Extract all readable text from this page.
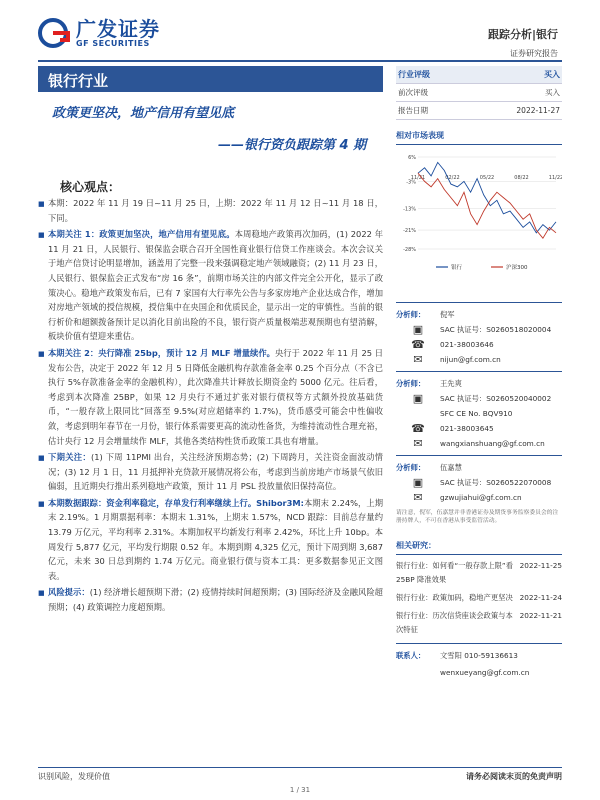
广发证券
GF SECURITIES
跟踪分析|银行
证券研究报告
银行行业
政策更坚决，地产信用有望见底
——银行资负跟踪第 4 期
核心观点：
■ 本期：2022 年 11 月 19 日~11 月 25 日，上期：2022 年 11 月 12 日~11 月 18 日，下同。
■ 本期关注 1：政策更加坚决，地产信用有望见底。本周稳地产政策再次加码，(1) 2022 年 11 月 21 日，人民银行、银保监会联合召开全国性商业银行信贷工作座谈会。本次会议关于地产信贷讨论明显增加，涵盖用了完整一段来强调稳定地产领域融资；(2) 11 月 23 日，人民银行、银保监会正式发布“房 16 条”，前期市场关注的内部文件完全公开化，显示了政策决心。稳地产政策发布后，已有 7 家国有大行率先公告与多家房地产企业达成合作，增加对房地产领域的授信规模，授信集中在央国企和优质民企，显示出一定的审慎性。当前的银行析价和超额拨备预计足以消化目前出险的不良，银行资产质量极端悲观预期也有望消解，板块价值有望迎来重估。
■ 本期关注 2：央行降准 25bp，预计 12 月 MLF 增量续作。央行于 2022 年 11 月 25 日发布公告，决定于 2022 年 12 月 5 日降低金融机构存款准备金率 0.25 个百分点（不含已执行 5%存款准备金率的金融机构），此次降准共计释放长期资金约 5000 亿元。往后看，考虑到本次降准 25BP，如果 12 月央行不通过扩张对银行债权等方式额外投放基础货币，“一般存款上限同比”回落至 9.5%(对应超储率约 1.7%)，货币感受可能会中性偏收敛，考虑到明年春节在一月份，银行体系需要更高的流动性备货，为维持流动性合理充裕，估计央行 12 月会增量续作 MLF，其他各类结构性货币政策工具也有增量。
■ 下期关注：(1) 下周 11PMI 出台，关注经济预期态势；(2) 下周跨月，关注资金面波动情况；(3) 12 月 1 日，11 月抵押补充贷款开展情况将公布，考虑到当前房地产市场景气依旧偏弱，且近期央行推出系列稳地产政策，预计 11 月 PSL 投放量依旧保持高位。
■ 本期数据跟踪：资金利率稳定，存单发行利率继续上行。Shibor3M:本期末 2.24%，上期末 2.19%。1 月期票据利率：本期末 1.31%，上期末 1.57%，NCD 跟踪：目前总存量约 13.79 万亿元，平均利率 2.31%。本期加权平均新发行利率 2.42%，环比上升 10bp。本周发行 5,877 亿元，平均发行期限 0.52 年。本期到期 4,325 亿元，预计下周到期 3,687 亿元，未来 30 日总到期约 1.74 万亿元。商业银行债与资本工具：更多数据参见正文图表。
■ 风险提示：(1) 经济增长超预期下滑；(2) 疫情持续时间超预期；(3) 国际经济及金融风险超预期；(4) 政策调控力度超预期。
行业评级	买入
前次评级	买入
报告日期	2022-11-27
相对市场表现
6%
-3%
-13%
-21%
-28%
11/21	02/22	05/22	08/22	11/22
银行	沪深300
分析师：	倪军
▣	SAC 执证号：S0260518020004
☎	021-38003646
✉	nijun@gf.com.cn
分析师：	王先爽
▣	SAC 执证号：S0260520040002
SFC CE No. BQV910
☎	021-38003645
✉	wangxianshuang@gf.com.cn
分析师：	伍嘉慧
▣	SAC 执证号：S0260522070008
✉	gzwujiahui@gf.com.cn
请注意，倪军，伍嘉慧并非香港证券及期货事务监察委员会的注册持牌人，不可在香港从事受监管活动。
相关研究：
银行行业：如何看“一般存款上限”看 25BP 降准效果
2022-11-25
银行行业：政策加码，稳地产更坚决 2022-11-24
银行行业：历次信贷座谈会政策与本次特征
2022-11-21
联系人：	文雪阳 010-59136613
wenxueyang@gf.com.cn
识别风险，发现价值	请务必阅读末页的免责声明
1 / 31
